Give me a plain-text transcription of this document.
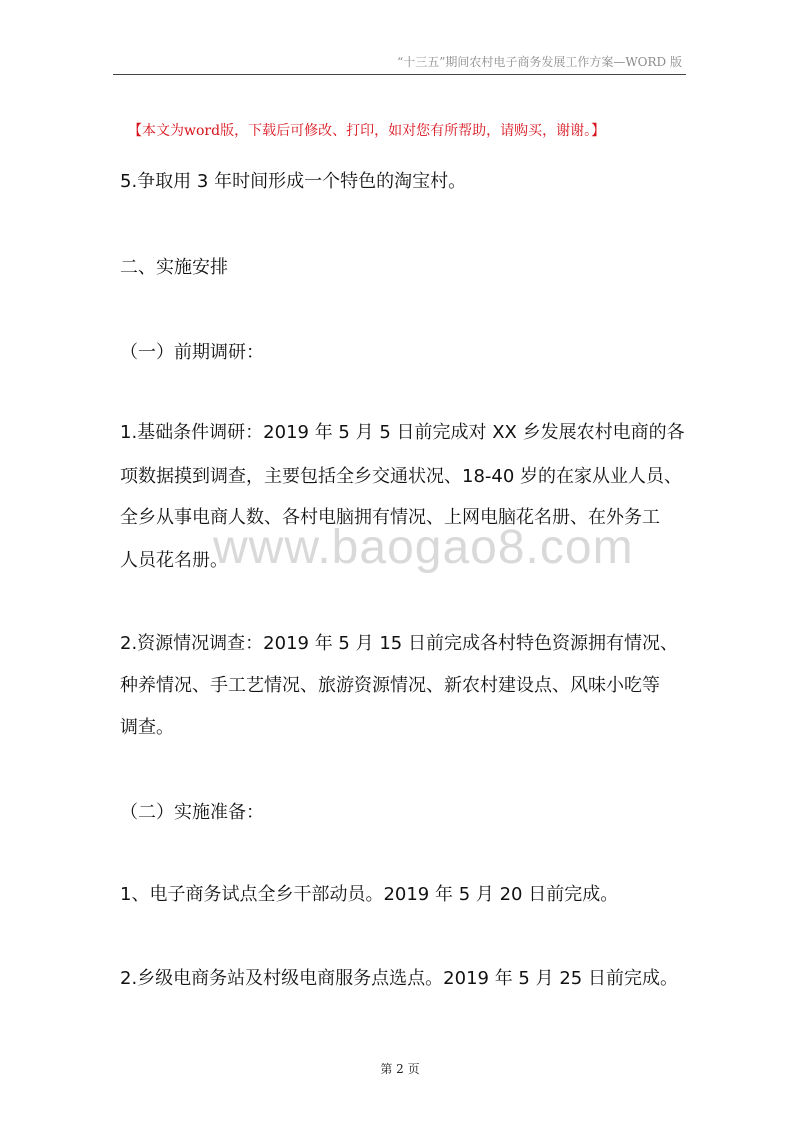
“十三五”期间农村电子商务发展工作方案—WORD 版
【本文为word版，下载后可修改、打印，如对您有所帮助，请购买，谢谢。】
5.争取用 3 年时间形成一个特色的淘宝村。
二、实施安排
（一）前期调研：
1.基础条件调研：2019 年 5 月 5 日前完成对 XX 乡发展农村电商的各
项数据摸到调查，主要包括全乡交通状况、18-40 岁的在家从业人员、
全乡从事电商人数、各村电脑拥有情况、上网电脑花名册、在外务工
人员花名册。
2.资源情况调查：2019 年 5 月 15 日前完成各村特色资源拥有情况、
种养情况、手工艺情况、旅游资源情况、新农村建设点、风味小吃等
调查。
（二）实施准备：
1、电子商务试点全乡干部动员。2019 年 5 月 20 日前完成。
2.乡级电商务站及村级电商服务点选点。2019 年 5 月 25 日前完成。
www.baogao8.com
第 2 页
